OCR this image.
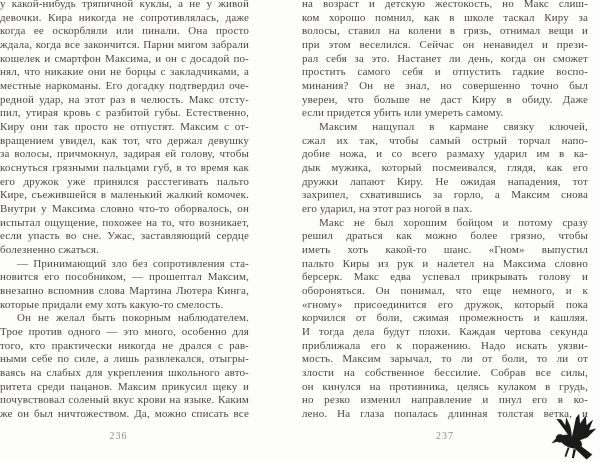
у какой-нибудь тряпичной куклы, а не у живой
девочки. Кира никогда не сопротивлялась, даже
когда ее оскорбляли или пинали. Она просто
ждала, когда все закончится. Парни мигом забрали
кошелек и смартфон Максима, и он с досадой по-
нял, что никакие они не борцы с закладчиками, а
местные наркоманы. Его догадку подтвердил оче-
редной удар, на этот раз в челюсть. Макс отсту-
пил, утирая кровь с разбитой губы. Естественно,
Киру они так просто не отпустят. Максим с от-
вращением увидел, как тот, что держал девушку
за волосы, причмокнул, задирая ей голову, чтобы
коснуться грязными пальцами губ, в то время как
его дружок уже принялся расстегивать пальто
Кире, съежившейся в маленький жалкий комочек.
Внутри у Максима словно что-то оборвалось, он
испытал ощущение, похожее на то, что возникает,
если упасть во сне. Ужас, заставляющий сердце
болезненно сжаться.
— Принимающий зло без сопротивления ста-
новится его пособником, — прошептал Максим,
внезапно вспомнив слова Мартина Лютера Кинга,
которые придали ему хоть какую-то смелость.
Он не желал быть покорным наблюдателем.
Трое против одного — это много, особенно для
того, кто практически никогда не дрался с рав-
ными себе по силе, а лишь развлекался, отыгры-
ваясь на слабых для укрепления школьного авто-
ритета среди пацанов. Максим прикусил щеку и
почувствовал соленый вкус крови на языке. Каким
же он был ничтожеством. Да, можно списать все
236
на возраст и детскую жестокость, но Макс слиш-
ком хорошо помнил, как в школе таскал Киру за
волосы, ставил на колени в грязь, отнимал вещи и
при этом веселился. Сейчас он ненавидел и прези-
рал себя за это. Настанет ли день, когда он сможет
простить самого себя и отпустить гадкие воспо-
минания? Он не знал, но совершенно точно был
уверен, что больше не даст Киру в обиду. Даже
если придется убить или умереть самому.
Максим нащупал в кармане связку ключей,
сжал их так, чтобы самый острый торчал напо-
добие ножа, и со всего размаху ударил им в ка-
дык мужика, который посмеивался, глядя, как его
дружки лапают Киру. Не ожидая нападения, тот
захрипел, схватившись за горло, а Максим снова
его ударил, на этот раз ногой в пах.
Макс не был хорошим бойцом и потому сразу
решил драться как можно более грязно, чтобы
иметь хоть какой-то шанс. «Гном» выпустил
пальто Киры из рук и налетел на Максима словно
берсерк. Макс едва успевал прикрывать голову и
обороняться. Он понимал, что еще немного, и к
«гному» присоединится его дружок, который пока
корчился от боли, сжимая промежность и кашляя.
И тогда дела будут плохи. Каждая чертова секунда
приближала его к поражению. Надо искать уязви-
мость. Максим зарычал, то ли от боли, то ли от
злости на собственное бессилие. Собрав все силы,
он кинулся на противника, целясь кулаком в грудь,
но резко изменил направление и пнул его в ко-
лено. На глаза попалась длинная толстая ветка, и
237
